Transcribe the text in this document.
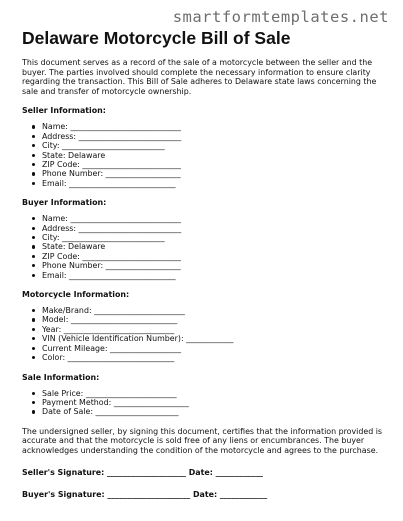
smartformtemplates.net
Delaware Motorcycle Bill of Sale

This document serves as a record of the sale of a motorcycle between the seller and the buyer. The parties involved should complete the necessary information to ensure clarity regarding the transaction. This Bill of Sale adheres to Delaware state laws concerning the sale and transfer of motorcycle ownership.

Seller Information:
Name: ____________________________
Address: __________________________
City: __________________________
State: Delaware
ZIP Code: _________________________
Phone Number: ___________________
Email: ___________________________
Buyer Information:
Name: ____________________________
Address: __________________________
City: __________________________
State: Delaware
ZIP Code: _________________________
Phone Number: ___________________
Email: ___________________________
Motorcycle Information:
Make/Brand: _______________________
Model: ___________________________
Year: ____________________________
VIN (Vehicle Identification Number): ____________
Current Mileage: __________________
Color: ___________________________
Sale Information:
Sale Price: _______________________
Payment Method: ___________________
Date of Sale: _____________________

The undersigned seller, by signing this document, certifies that the information provided is accurate and that the motorcycle is sold free of any liens or encumbrances. The buyer acknowledges understanding the condition of the motorcycle and agrees to the purchase.

Seller's Signature: ____________________ Date: ____________
Buyer's Signature: _____________________ Date: ____________
